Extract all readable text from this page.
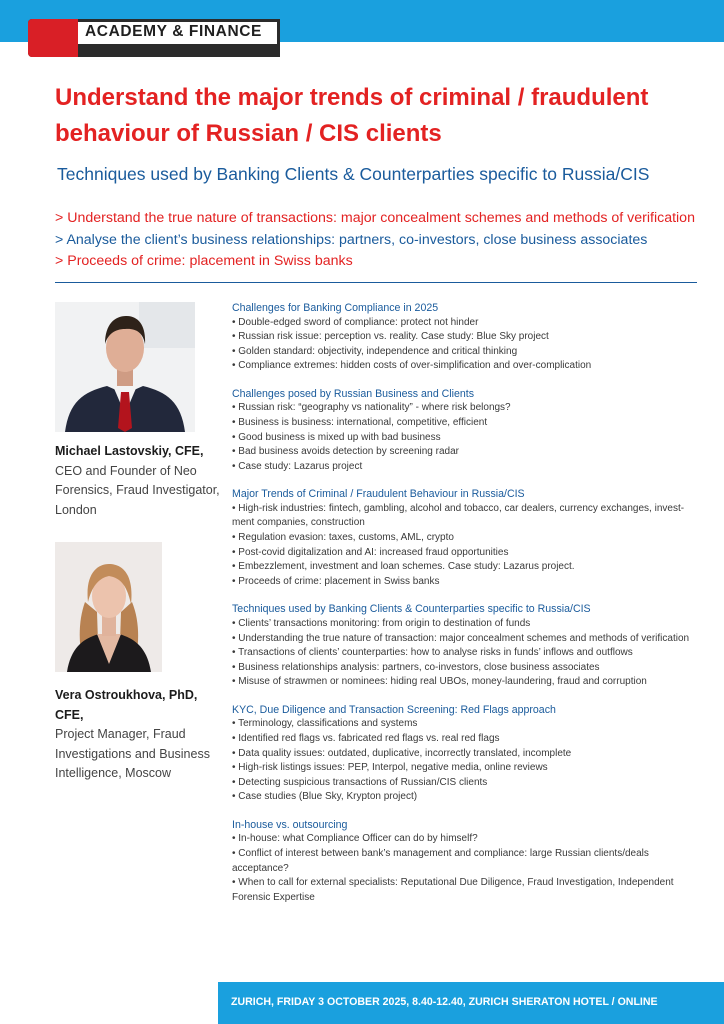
ACADEMY & FINANCE
Understand the major trends of criminal / fraudulent
behaviour of Russian / CIS clients
Techniques used by Banking Clients & Counterparties specific to Russia/CIS
> Understand the true nature of transactions: major concealment schemes and methods of verification
> Analyse the client’s business relationships: partners, co-investors, close business associates
> Proceeds of crime: placement in Swiss banks
Michael Lastovskiy, CFE,
CEO and Founder of Neo
Forensics, Fraud Investigator,
London
Vera Ostroukhova, PhD, CFE,
Project Manager, Fraud
Investigations and Business
Intelligence, Moscow
Challenges for Banking Compliance in 2025
• Double-edged sword of compliance: protect not hinder
• Russian risk issue: perception vs. reality. Case study: Blue Sky project
• Golden standard: objectivity, independence and critical thinking
• Compliance extremes: hidden costs of over-simplification and over-complication
Challenges posed by Russian Business and Clients
• Russian risk: “geography vs nationality” - where risk belongs?
• Business is business: international, competitive, efficient
• Good business is mixed up with bad business
• Bad business avoids detection by screening radar
• Case study: Lazarus project
Major Trends of Criminal / Fraudulent Behaviour in Russia/CIS
• High-risk industries: fintech, gambling, alcohol and tobacco, car dealers, currency exchanges, invest-
ment companies, construction
• Regulation evasion: taxes, customs, AML, crypto
• Post-covid digitalization and AI: increased fraud opportunities
• Embezzlement, investment and loan schemes. Case study: Lazarus project.
• Proceeds of crime: placement in Swiss banks
Techniques used by Banking Clients & Counterparties specific to Russia/CIS
• Clients’ transactions monitoring: from origin to destination of funds
• Understanding the true nature of transaction: major concealment schemes and methods of verification
• Transactions of clients’ counterparties: how to analyse risks in funds’ inflows and outflows
• Business relationships analysis: partners, co-investors, close business associates
• Misuse of strawmen or nominees: hiding real UBOs, money-laundering, fraud and corruption
KYC, Due Diligence and Transaction Screening: Red Flags approach
• Terminology, classifications and systems
• Identified red flags vs. fabricated red flags vs. real red flags
• Data quality issues: outdated, duplicative, incorrectly translated, incomplete
• High-risk listings issues: PEP, Interpol, negative media, online reviews
• Detecting suspicious transactions of Russian/CIS clients
• Case studies (Blue Sky, Krypton project)
In-house vs. outsourcing
• In-house: what Compliance Officer can do by himself?
• Conflict of interest between bank’s management and compliance: large Russian clients/deals acceptance?
• When to call for external specialists: Reputational Due Diligence, Fraud Investigation, Independent
Forensic Expertise
ZURICH, FRIDAY 3 OCTOBER 2025, 8.40-12.40, ZURICH SHERATON HOTEL / ONLINE
